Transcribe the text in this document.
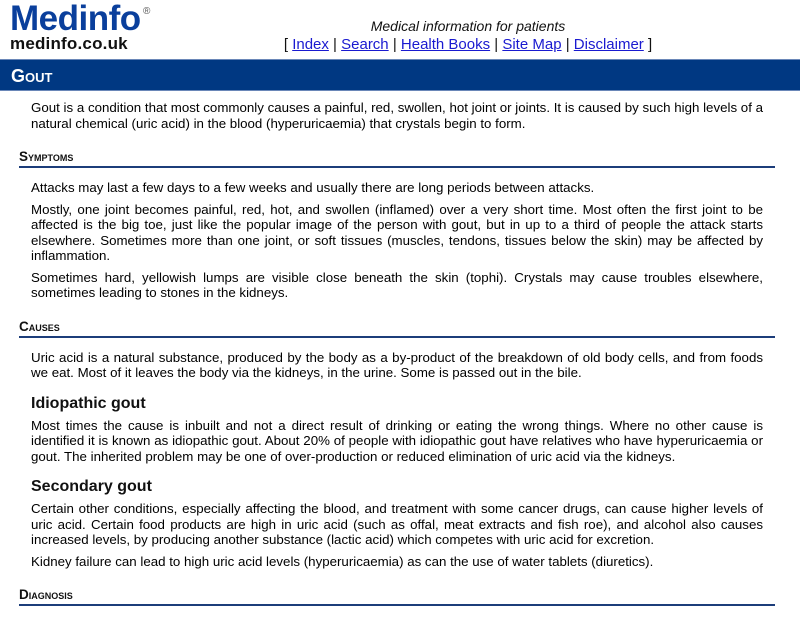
Medinfo ®
medinfo.co.uk
Medical information for patients
[ Index | Search | Health Books | Site Map | Disclaimer ]
Gout

Gout is a condition that most commonly causes a painful, red, swollen, hot joint or joints. It is caused by such high levels of a natural chemical (uric acid) in the blood (hyperuricaemia) that crystals begin to form.

Symptoms

Attacks may last a few days to a few weeks and usually there are long periods between attacks.

Mostly, one joint becomes painful, red, hot, and swollen (inflamed) over a very short time. Most often the first joint to be affected is the big toe, just like the popular image of the person with gout, but in up to a third of people the attack starts elsewhere. Sometimes more than one joint, or soft tissues (muscles, tendons, tissues below the skin) may be affected by inflammation.

Sometimes hard, yellowish lumps are visible close beneath the skin (tophi). Crystals may cause troubles elsewhere, sometimes leading to stones in the kidneys.

Causes

Uric acid is a natural substance, produced by the body as a by-product of the breakdown of old body cells, and from foods we eat. Most of it leaves the body via the kidneys, in the urine. Some is passed out in the bile.

Idiopathic gout

Most times the cause is inbuilt and not a direct result of drinking or eating the wrong things. Where no other cause is identified it is known as idiopathic gout. About 20% of people with idiopathic gout have relatives who have hyperuricaemia or gout. The inherited problem may be one of over-production or reduced elimination of uric acid via the kidneys.

Secondary gout

Certain other conditions, especially affecting the blood, and treatment with some cancer drugs, can cause higher levels of uric acid. Certain food products are high in uric acid (such as offal, meat extracts and fish roe), and alcohol also causes increased levels, by producing another substance (lactic acid) which competes with uric acid for excretion.

Kidney failure can lead to high uric acid levels (hyperuricaemia) as can the use of water tablets (diuretics).

Diagnosis
